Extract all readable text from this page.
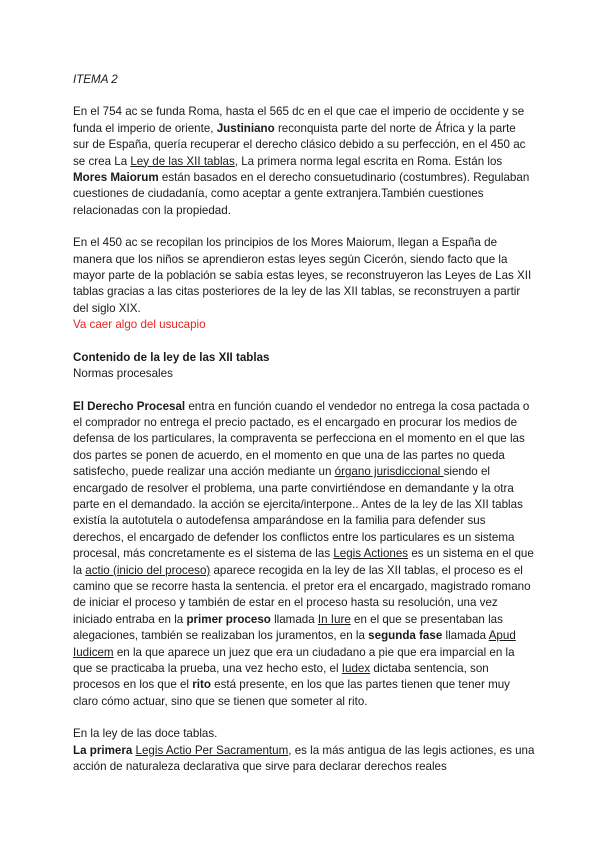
ITEMA 2

En el 754 ac se funda Roma, hasta el 565 dc en el que cae el imperio de occidente y se funda el imperio de oriente, Justiniano reconquista parte del norte de África y la parte sur de España, quería recuperar el derecho clásico debido a su perfección, en el 450 ac se crea La Ley de las XII tablas, La primera norma legal escrita en Roma. Están los Mores Maiorum están basados en el derecho consuetudinario (costumbres). Regulaban cuestiones de ciudadanía, como aceptar a gente extranjera.También cuestiones relacionadas con la propiedad.

En el 450 ac se recopilan los principios de los Mores Maiorum, llegan a España de manera que los niños se aprendieron estas leyes según Cicerón, siendo facto que la mayor parte de la población se sabía estas leyes, se reconstruyeron las Leyes de Las XII tablas gracias a las citas posteriores de la ley de las XII tablas, se reconstruyen a partir del siglo XIX.

Va caer algo del usucapio

Contenido de la ley de las XII tablas

Normas procesales

El Derecho Procesal entra en función cuando el vendedor no entrega la cosa pactada o el comprador no entrega el precio pactado, es el encargado en procurar los medios de defensa de los particulares, la compraventa se perfecciona en el momento en el que las dos partes se ponen de acuerdo, en el momento en que una de las partes no queda satisfecho, puede realizar una acción mediante un órgano jurisdiccional siendo el encargado de resolver el problema, una parte convirtiéndose en demandante y la otra parte en el demandado. la acción se ejercita/interpone.. Antes de la ley de las XII tablas existía la autotutela o autodefensa amparándose en la familia para defender sus derechos, el encargado de defender los conflictos entre los particulares es un sistema procesal, más concretamente es el sistema de las Legis Actiones es un sistema en el que la actio (inicio del proceso) aparece recogida en la ley de las XII tablas, el proceso es el camino que se recorre hasta la sentencia. el pretor era el encargado, magistrado romano de iniciar el proceso y también de estar en el proceso hasta su resolución, una vez iniciado entraba en la primer proceso llamada In Iure en el que se presentaban las alegaciones, también se realizaban los juramentos, en la segunda fase llamada Apud Iudicem en la que aparece un juez que era un ciudadano a pie que era imparcial en la que se practicaba la prueba, una vez hecho esto, el Iudex dictaba sentencia, son procesos en los que el rito está presente, en los que las partes tienen que tener muy claro cómo actuar, sino que se tienen que someter al rito.

En la ley de las doce tablas.

La primera Legis Actio Per Sacramentum, es la más antigua de las legis actiones, es una acción de naturaleza declarativa que sirve para declarar derechos reales
